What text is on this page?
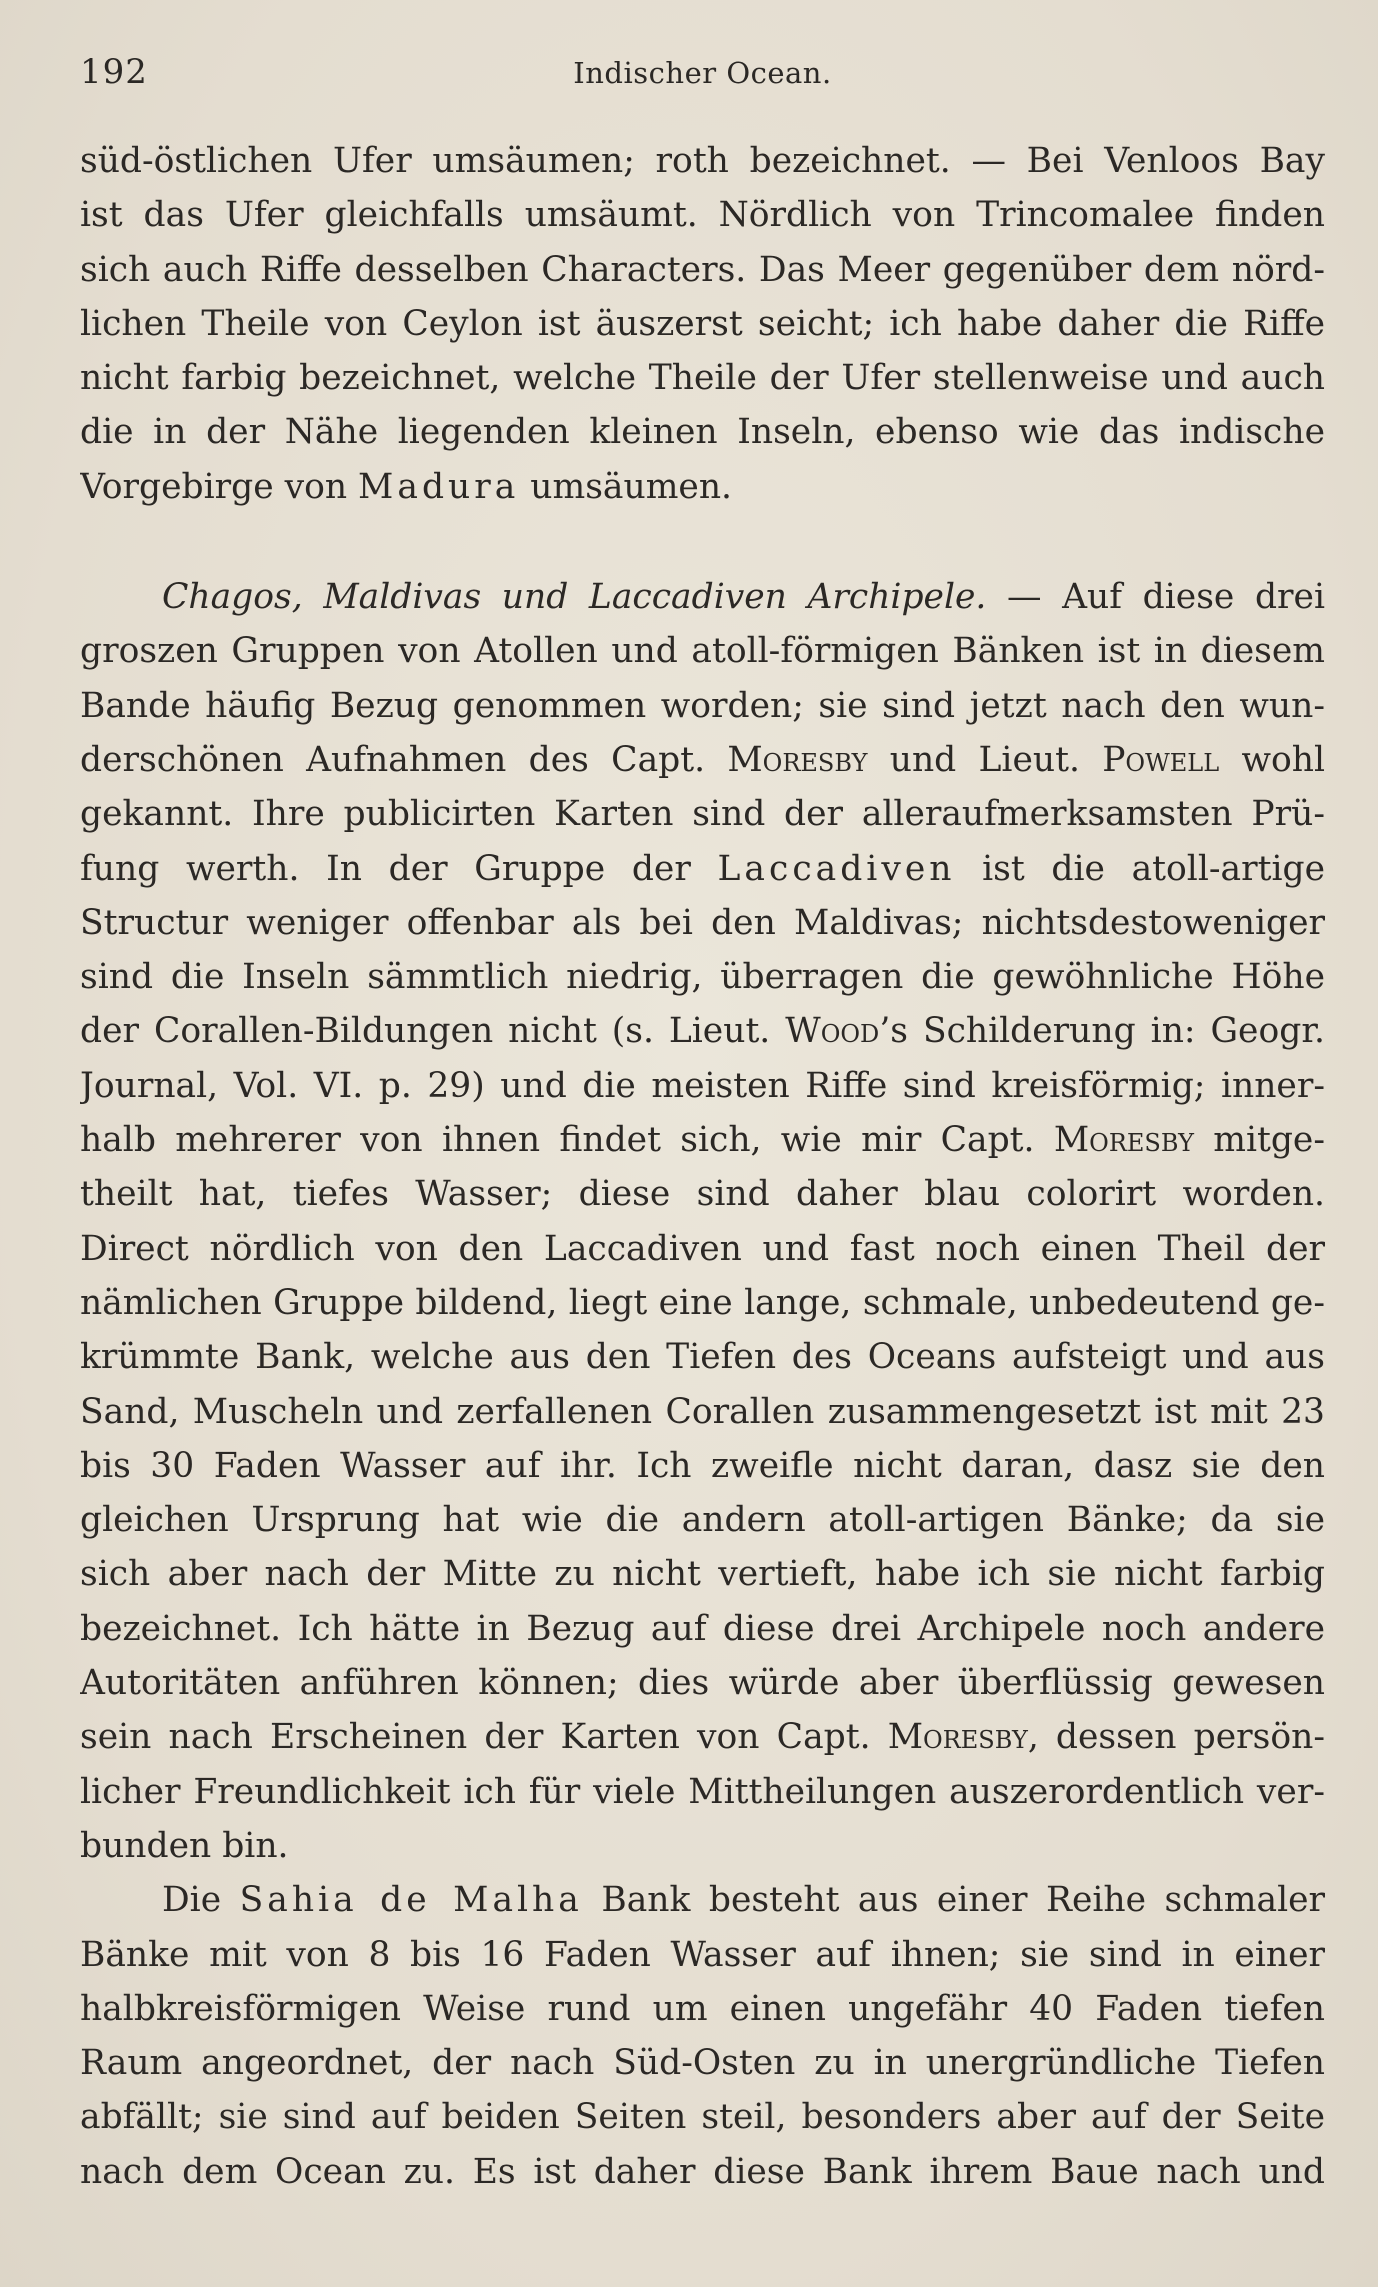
192	Indischer Ocean.
süd-östlichen Ufer umsäumen; roth bezeichnet. — Bei Venloos Bay
ist das Ufer gleichfalls umsäumt. Nördlich von Trincomalee finden
sich auch Riffe desselben Characters. Das Meer gegenüber dem nörd-
lichen Theile von Ceylon ist äuszerst seicht; ich habe daher die Riffe
nicht farbig bezeichnet, welche Theile der Ufer stellenweise und auch
die in der Nähe liegenden kleinen Inseln, ebenso wie das indische
Vorgebirge von Madura umsäumen.
Chagos, Maldivas und Laccadiven Archipele. — Auf diese drei
groszen Gruppen von Atollen und atoll-förmigen Bänken ist in diesem
Bande häufig Bezug genommen worden; sie sind jetzt nach den wun-
derschönen Aufnahmen des Capt. Moresby und Lieut. Powell wohl
gekannt. Ihre publicirten Karten sind der alleraufmerksamsten Prü-
fung werth. In der Gruppe der Laccadiven ist die atoll-artige
Structur weniger offenbar als bei den Maldivas; nichtsdestoweniger
sind die Inseln sämmtlich niedrig, überragen die gewöhnliche Höhe
der Corallen-Bildungen nicht (s. Lieut. Wood’s Schilderung in: Geogr.
Journal, Vol. VI. p. 29) und die meisten Riffe sind kreisförmig; inner-
halb mehrerer von ihnen findet sich, wie mir Capt. Moresby mitge-
theilt hat, tiefes Wasser; diese sind daher blau colorirt worden.
Direct nördlich von den Laccadiven und fast noch einen Theil der
nämlichen Gruppe bildend, liegt eine lange, schmale, unbedeutend ge-
krümmte Bank, welche aus den Tiefen des Oceans aufsteigt und aus
Sand, Muscheln und zerfallenen Corallen zusammengesetzt ist mit 23
bis 30 Faden Wasser auf ihr. Ich zweifle nicht daran, dasz sie den
gleichen Ursprung hat wie die andern atoll-artigen Bänke; da sie
sich aber nach der Mitte zu nicht vertieft, habe ich sie nicht farbig
bezeichnet. Ich hätte in Bezug auf diese drei Archipele noch andere
Autoritäten anführen können; dies würde aber überflüssig gewesen
sein nach Erscheinen der Karten von Capt. Moresby, dessen persön-
licher Freundlichkeit ich für viele Mittheilungen auszerordentlich ver-
bunden bin.
Die Sahia de Malha Bank besteht aus einer Reihe schmaler
Bänke mit von 8 bis 16 Faden Wasser auf ihnen; sie sind in einer
halbkreisförmigen Weise rund um einen ungefähr 40 Faden tiefen
Raum angeordnet, der nach Süd-Osten zu in unergründliche Tiefen
abfällt; sie sind auf beiden Seiten steil, besonders aber auf der Seite
nach dem Ocean zu. Es ist daher diese Bank ihrem Baue nach und
